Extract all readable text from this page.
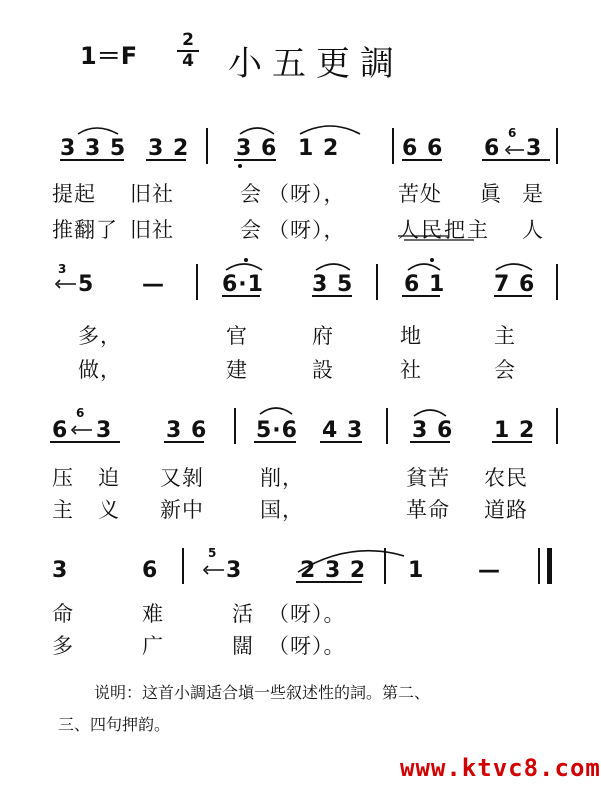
1＝F
2
4 小五更調
3 3 5 3 2 3 6 1 2	6 6 6
6
3
提起 旧社	会 （呀），	苦处 眞 是
推翻了 旧社	会 （呀），	人民把主 人
3
5 —	6·1 3 5 6 1 7 6
多，	官	府	地	主
做，	建	設	社	会
6
6
3 3 6 5·6 4 3 3 6 1 2
压 迫 又剝	削，	貧苦 农民
主 义 新中	国，	革命 道路
3	6
5
3	2 3 2 1 —
命	难	活 （呀）。
多	广	闊 （呀）。
说明：这首小調适合塡一些叙述性的詞。第二、
三、四句押韵。
www.ktvc8.com
